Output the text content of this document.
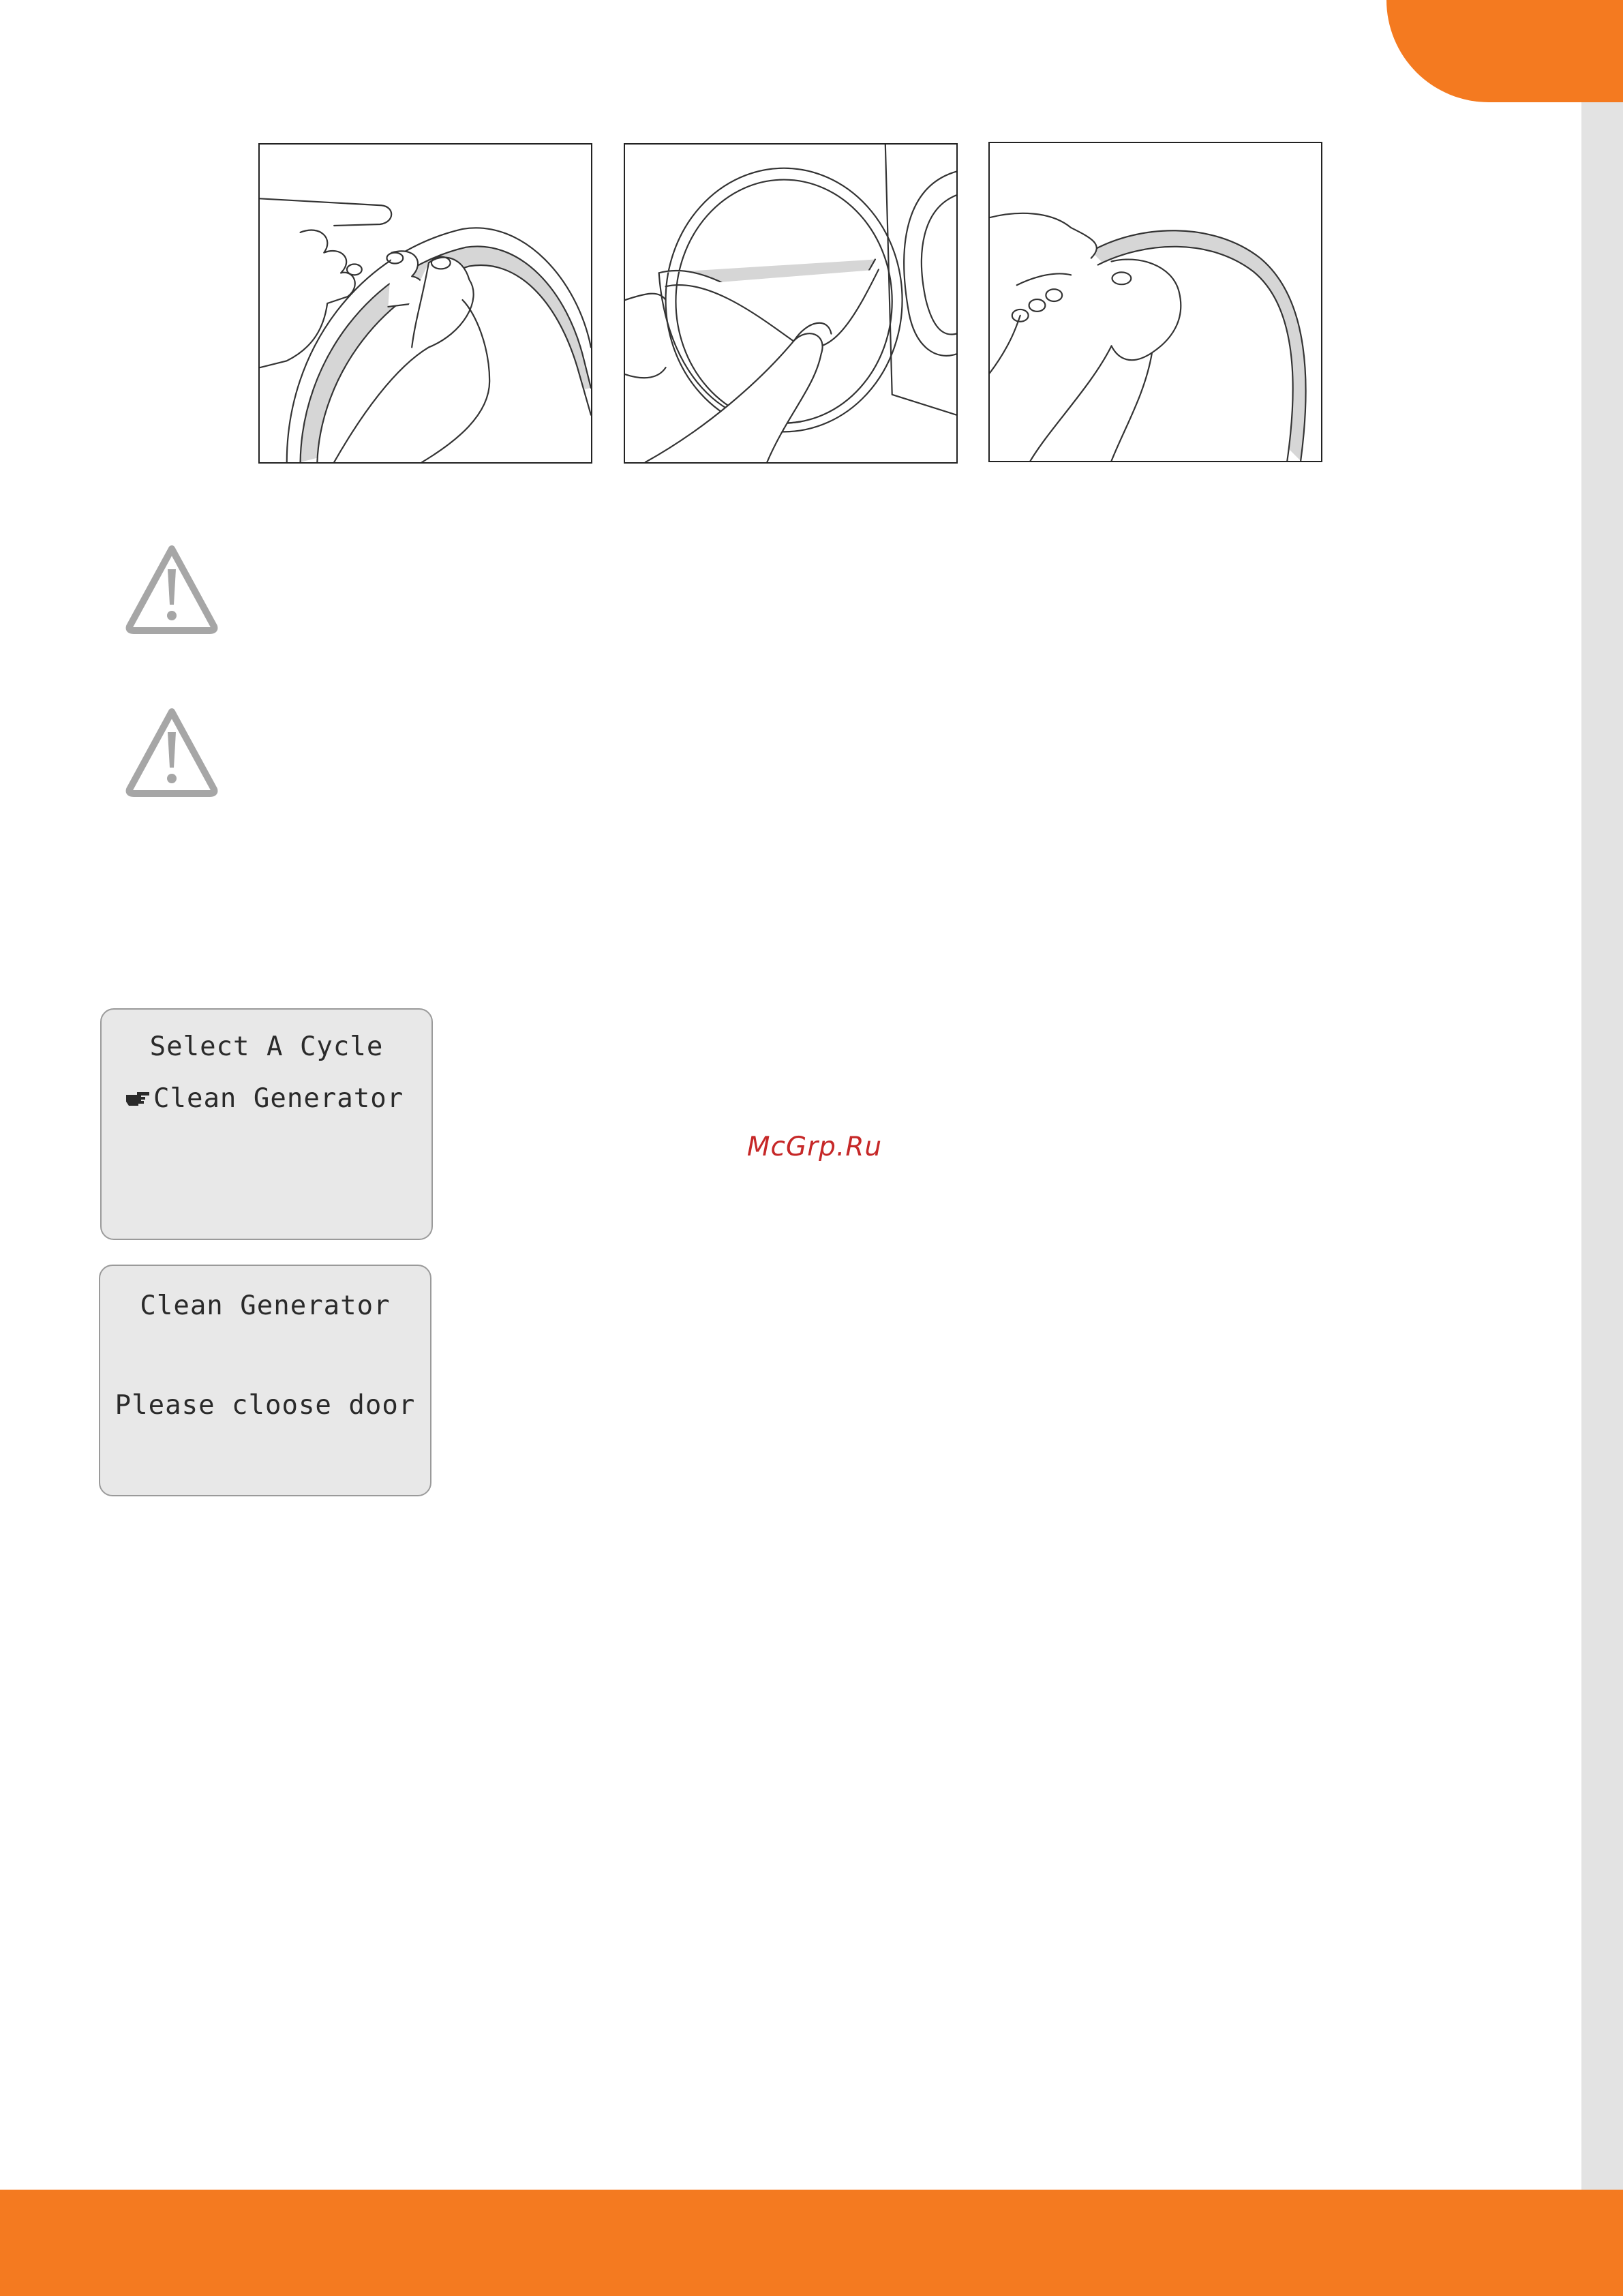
Select A Cycle
Clean Generator
Clean Generator
Please cloose door
McGrp.Ru
